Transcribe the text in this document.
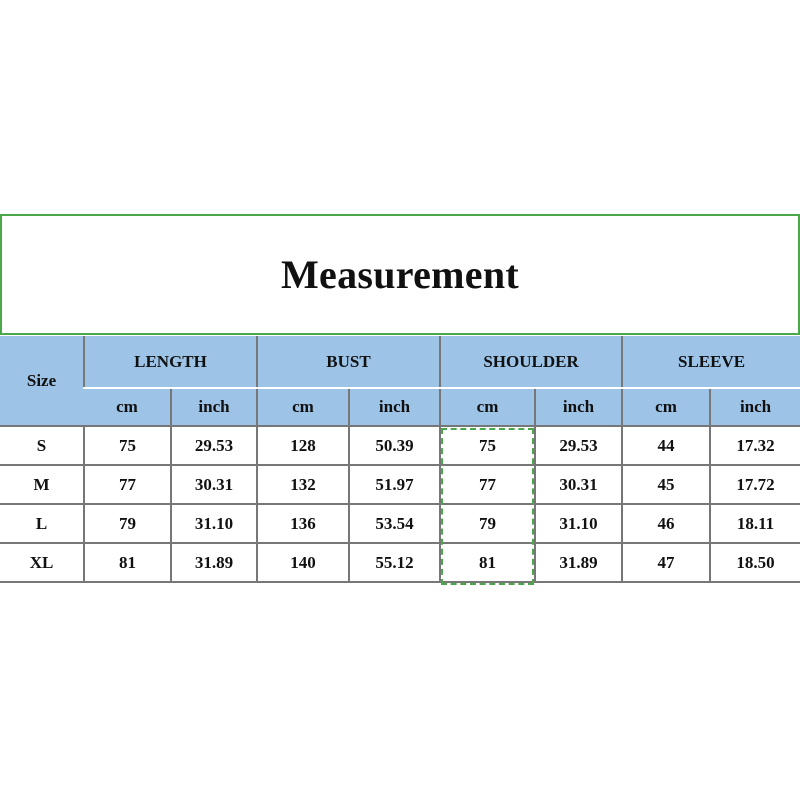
Measurement
Size	LENGTH		BUST		SHOULDER		SLEEVE	
	cm	inch	cm	inch	cm	inch	cm	inch
S	75	29.53	128	50.39	75	29.53	44	17.32
M	77	30.31	132	51.97	77	30.31	45	17.72
L	79	31.10	136	53.54	79	31.10	46	18.11
XL	81	31.89	140	55.12	81	31.89	47	18.50
